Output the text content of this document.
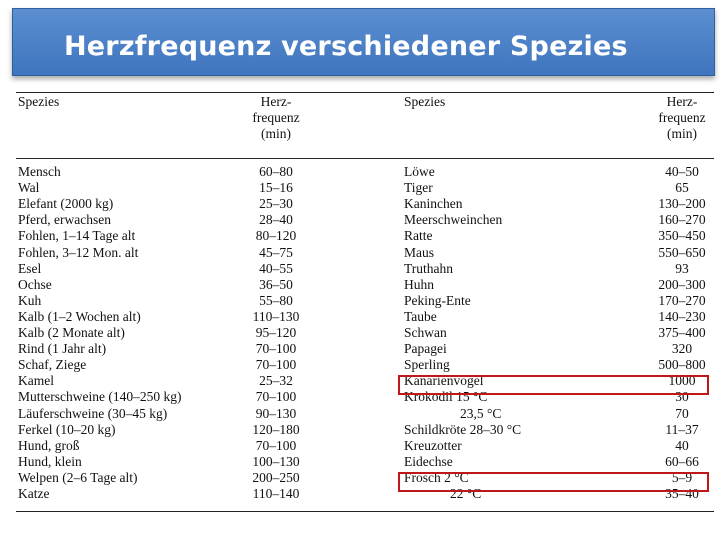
Herzfrequenz verschiedener Spezies
Spezies	Herz-
frequenz
(min)
Spezies	Herz-
frequenz
(min)
Mensch	60–80
Wal	15–16
Elefant (2000 kg)	25–30
Pferd, erwachsen	28–40
Fohlen, 1–14 Tage alt	80–120
Fohlen, 3–12 Mon. alt	45–75
Esel	40–55
Ochse	36–50
Kuh	55–80
Kalb (1–2 Wochen alt)	110–130
Kalb (2 Monate alt)	95–120
Rind (1 Jahr alt)	70–100
Schaf, Ziege	70–100
Kamel	25–32
Mutterschweine (140–250 kg)	70–100
Läuferschweine (30–45 kg)	90–130
Ferkel (10–20 kg)	120–180
Hund, groß	70–100
Hund, klein	100–130
Welpen (2–6 Tage alt)	200–250
Katze	110–140
Löwe	40–50
Tiger	65
Kaninchen	130–200
Meerschweinchen	160–270
Ratte	350–450
Maus	550–650
Truthahn	93
Huhn	200–300
Peking-Ente	170–270
Taube	140–230
Schwan	375–400
Papagei	320
Sperling	500–800
Kanarienvogel	1000
Krokodil 15 °C	30
23,5 °C	70
Schildkröte 28–30 °C	11–37
Kreuzotter	40
Eidechse	60–66
Frosch 2 °C	5–9
22 °C	35–40
